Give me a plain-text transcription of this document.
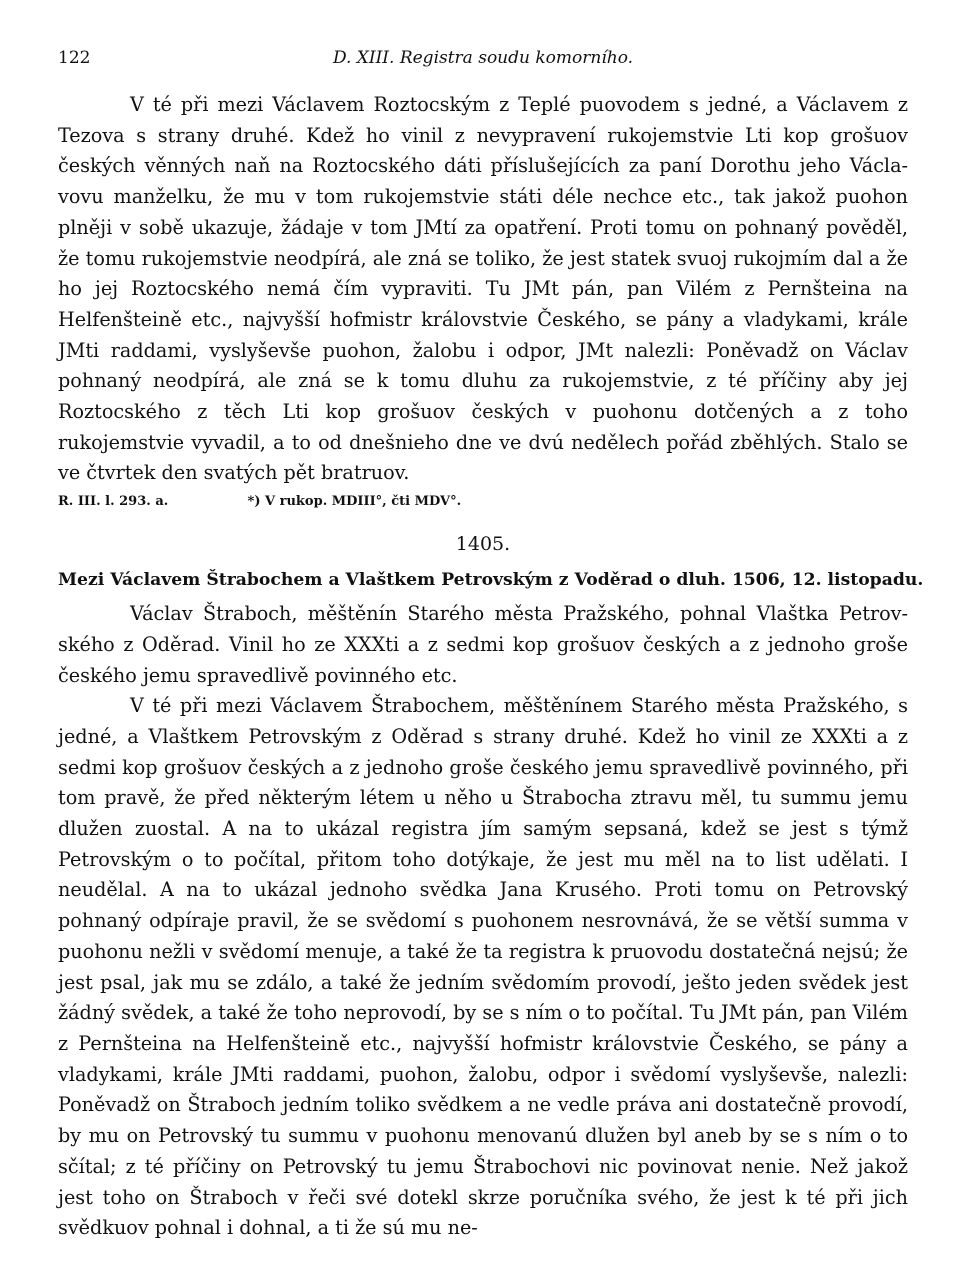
122	D. XIII. Registra soudu komorního.

V té při mezi Václavem Roztocským z Teplé puovodem s jedné, a Václavem z Tezova s strany druhé. Kdež ho vinil z nevypravení rukojemstvie Lti kop grošuov českých věnných naň na Roztocského dáti příslušejících za paní Dorothu jeho Václavovu manželku, že mu v tom rukojemstvie státi déle nechce etc., tak jakož puohon plněji v sobě ukazuje, žádaje v tom JMtí za opatření. Proti tomu on pohnaný pověděl, že tomu rukojemstvie neodpírá, ale zná se toliko, že jest statek svuoj rukojmím dal a že ho jej Roztocského nemá čím vypraviti. Tu JMt pán, pan Vilém z Pernšteina na Helfenšteině etc., najvyšší hofmistr královstvie Českého, se pány a vladykami, krále JMti raddami, vyslyševše puohon, žalobu i odpor, JMt nalezli: Poněvadž on Václav pohnaný neodpírá, ale zná se k tomu dluhu za rukojemstvie, z té příčiny aby jej Roztocského z těch Lti kop grošuov českých v puohonu dotčených a z toho rukojemstvie vyvadil, a to od dnešnieho dne ve dvú nedělech pořád zběhlých. Stalo se ve čtvrtek den svatých pět bratruov.

R. III. l. 293. a.	*) V rukop. MDIII°, čti MDV°.
1405.

Mezi Václavem Štrabochem a Vlaštkem Petrovským z Voděrad o dluh. 1506, 12. listopadu.

Václav Štraboch, měštěnín Starého města Pražského, pohnal Vlaštka Petrovského z Oděrad. Vinil ho ze XXXti a z sedmi kop grošuov českých a z jednoho groše českého jemu spravedlivě povinného etc.

V té při mezi Václavem Štrabochem, měštěnínem Starého města Pražského, s jedné, a Vlaštkem Petrovským z Oděrad s strany druhé. Kdež ho vinil ze XXXti a z sedmi kop grošuov českých a z jednoho groše českého jemu spravedlivě povinného, při tom pravě, že před některým létem u něho u Štrabocha ztravu měl, tu summu jemu dlužen zuostal. A na to ukázal registra jím samým sepsaná, kdež se jest s týmž Petrovským o to počítal, přitom toho dotýkaje, že jest mu měl na to list udělati. I neudělal. A na to ukázal jednoho svědka Jana Kruséhо. Proti tomu on Petrovský pohnaný odpíraje pravil, že se svědomí s puohonem nesrovnává, že se větší summa v puohonu nežli v svědomí menuje, a také že ta registra k pruovodu dostatečná nejsú; že jest psal, jak mu se zdálo, a také že jedním svědomím provodí, ješto jeden svědek jest žádný svědek, a také že toho neprovodí, by se s ním o to počítal. Tu JMt pán, pan Vilém z Pernšteina na Helfenšteině etc., najvyšší hofmistr královstvie Českého, se pány a vladykami, krále JMti raddami, puohon, žalobu, odpor i svědomí vyslyševše, nalezli: Poněvadž on Štraboch jedním toliko svědkem a ne vedle práva ani dostatečně provodí, by mu on Petrovský tu summu v puohonu menovanú dlužen byl aneb by se s ním o to sčítal; z té příčiny on Petrovský tu jemu Štrabochovi nic povinovat nenie. Než jakož jest toho on Štraboch v řeči své dotekl skrze poručníka svého, že jest k té při jich svědkuov pohnal i dohnal, a ti že sú mu ne-
